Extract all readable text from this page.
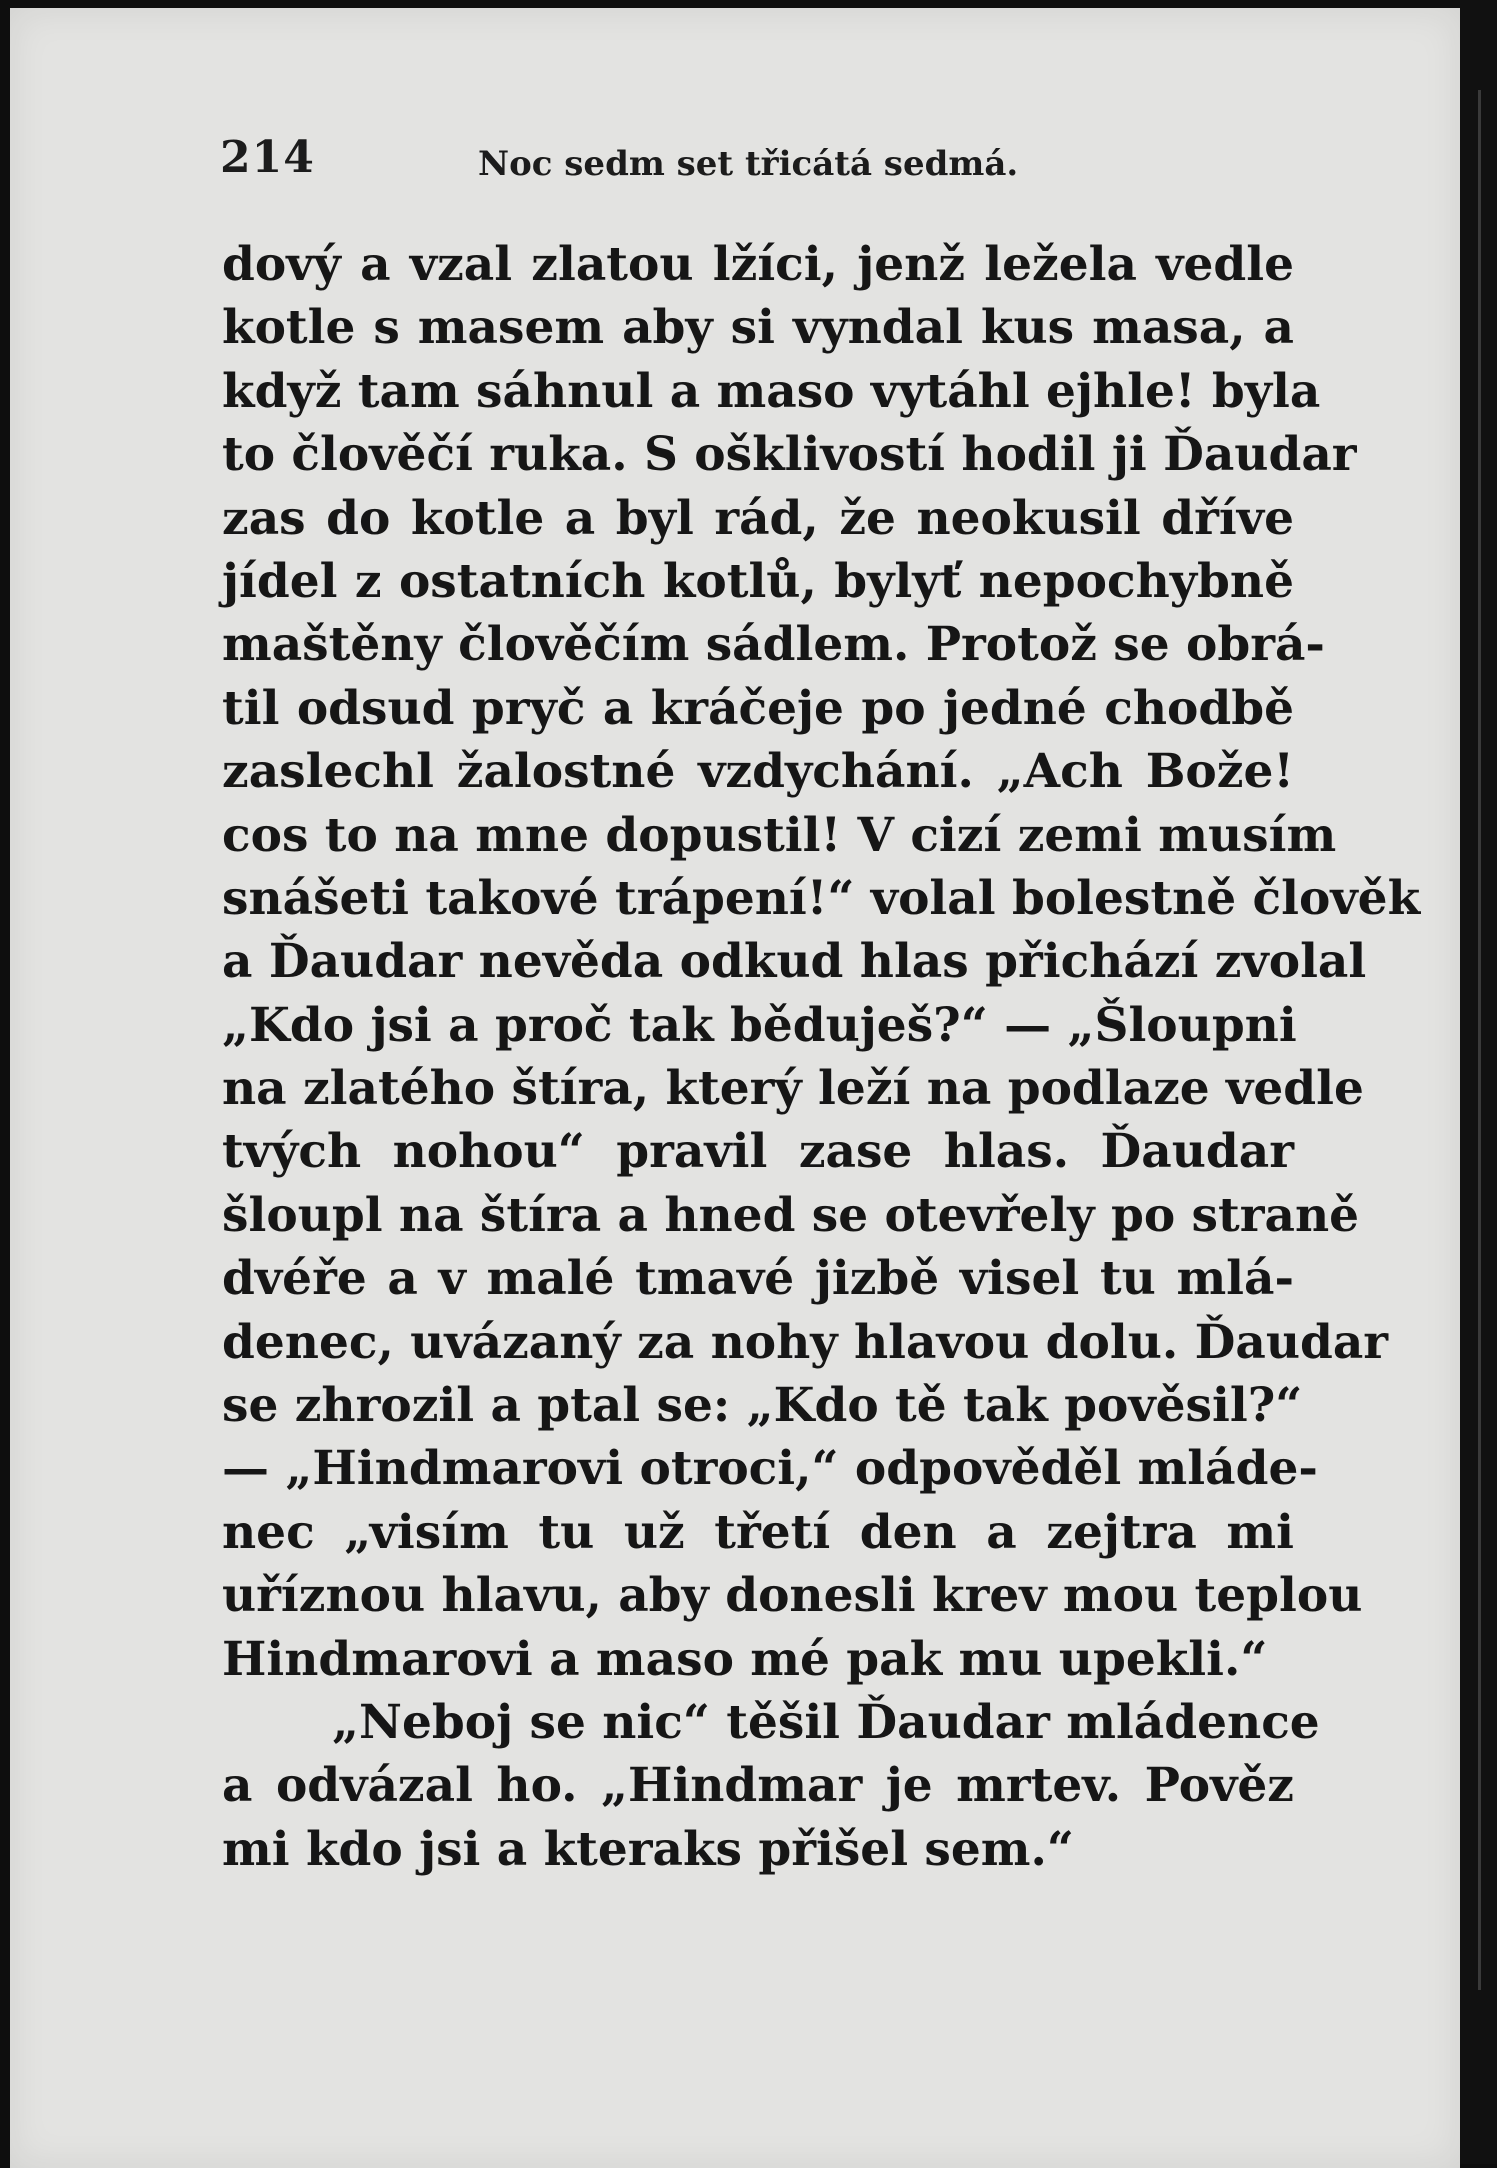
214	Noc sedm set třicátá sedmá.
dový a vzal zlatou lžíci, jenž ležela vedle
kotle s masem aby si vyndal kus masa, a
když tam sáhnul a maso vytáhl ejhle! byla
to člověčí ruka. S ošklivostí hodil ji Ďaudar
zas do kotle a byl rád, že neokusil dříve
jídel z ostatních kotlů, bylyť nepochybně
maštěny člověčím sádlem. Protož se obrá-
til odsud pryč a kráčeje po jedné chodbě
zaslechl žalostné vzdychání. „Ach Bože!
cos to na mne dopustil! V cizí zemi musím
snášeti takové trápení!“ volal bolestně člověk
a Ďaudar nevěda odkud hlas přichází zvolal
„Kdo jsi a proč tak běduješ?“ — „Šloupni
na zlatého štíra, který leží na podlaze vedle
tvých nohou“ pravil zase hlas. Ďaudar
šloupl na štíra a hned se otevřely po straně
dvéře a v malé tmavé jizbě visel tu mlá-
denec, uvázaný za nohy hlavou dolu. Ďaudar
se zhrozil a ptal se: „Kdo tě tak pověsil?“
— „Hindmarovi otroci,“ odpověděl mláde-
nec „visím tu už třetí den a zejtra mi
uříznou hlavu, aby donesli krev mou teplou
Hindmarovi a maso mé pak mu upekli.“
„Neboj se nic“ těšil Ďaudar mládence
a odvázal ho. „Hindmar je mrtev. Pověz
mi kdo jsi a kteraks přišel sem.“
